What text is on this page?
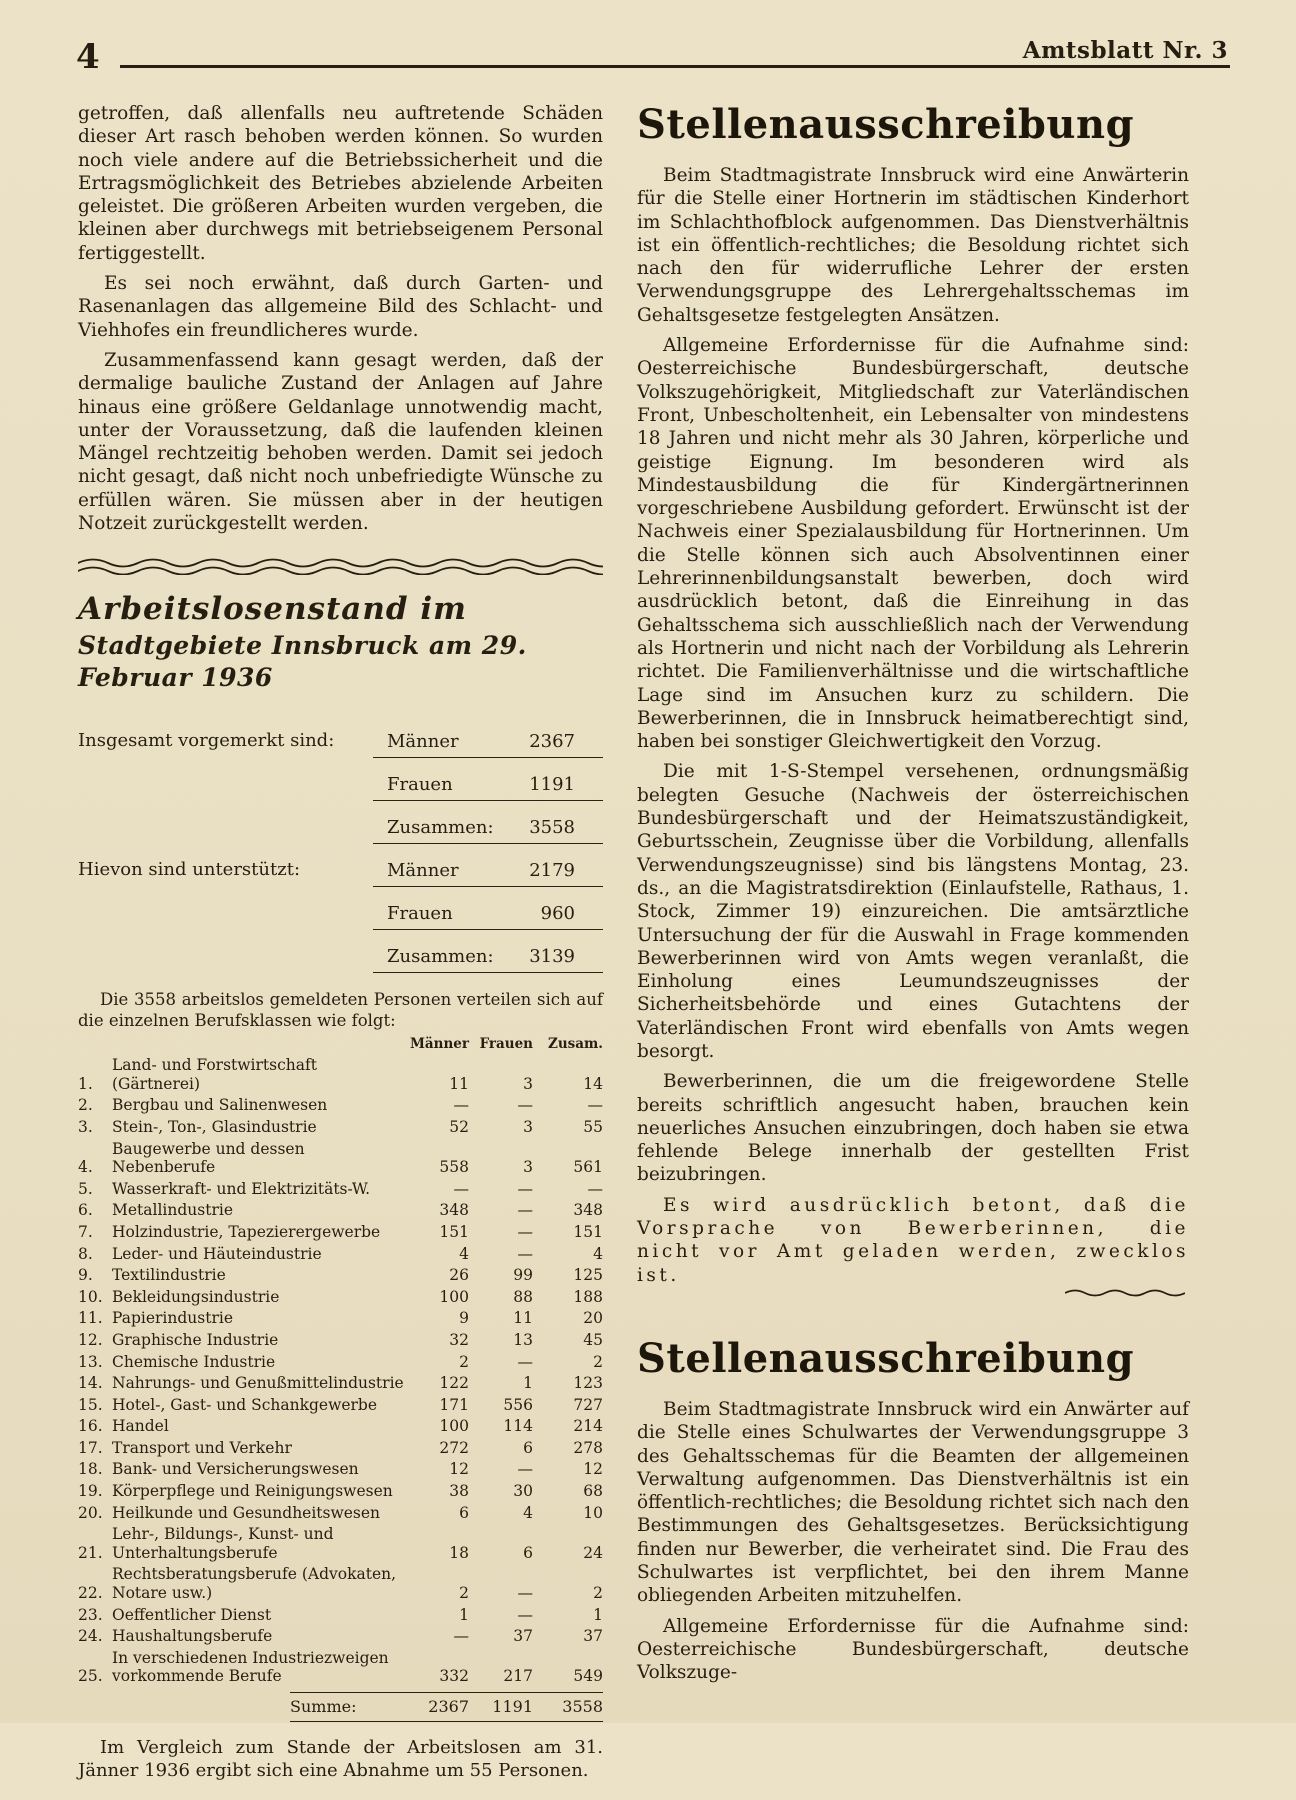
4	Amtsblatt Nr. 3

getroffen, daß allenfalls neu auftretende Schäden dieser Art rasch behoben werden können. So wurden noch viele andere auf die Betriebssicherheit und die Ertragsmöglichkeit des Betriebes abzielende Arbeiten geleistet. Die größeren Arbeiten wurden vergeben, die kleinen aber durchwegs mit betriebseigenem Personal fertiggestellt.

Es sei noch erwähnt, daß durch Garten- und Rasenanlagen das allgemeine Bild des Schlacht- und Viehhofes ein freundlicheres wurde.

Zusammenfassend kann gesagt werden, daß der dermalige bauliche Zustand der Anlagen auf Jahre hinaus eine größere Geldanlage unnotwendig macht, unter der Voraussetzung, daß die laufenden kleinen Mängel rechtzeitig behoben werden. Damit sei jedoch nicht gesagt, daß nicht noch unbefriedigte Wünsche zu erfüllen wären. Sie müssen aber in der heutigen Notzeit zurückgestellt werden.

Arbeitslosenstand im
Stadtgebiete Innsbruck am 29. Februar 1936
Insgesamt vorgemerkt sind:	Männer	2367
Frauen	1191
Zusammen:	3558
Hievon sind unterstützt:	Männer	2179
Frauen	960
Zusammen:	3139

Die 3558 arbeitslos gemeldeten Personen verteilen sich auf die einzelnen Berufsklassen wie folgt:

		Männer	Frauen	Zusam.
1.	Land- und Forstwirtschaft (Gärtnerei)	11	3	14
2.	Bergbau und Salinenwesen	—	—	—
3.	Stein-, Ton-, Glasindustrie	52	3	55
4.	Baugewerbe und dessen Nebenberufe	558	3	561
5.	Wasserkraft- und Elektrizitäts-W.	—	—	—
6.	Metallindustrie	348	—	348
7.	Holzindustrie, Tapezierergewerbe	151	—	151
8.	Leder- und Häuteindustrie	4	—	4
9.	Textilindustrie	26	99	125
10.	Bekleidungsindustrie	100	88	188
11.	Papierindustrie	9	11	20
12.	Graphische Industrie	32	13	45
13.	Chemische Industrie	2	—	2
14.	Nahrungs- und Genußmittelindustrie	122	1	123
15.	Hotel-, Gast- und Schankgewerbe	171	556	727
16.	Handel	100	114	214
17.	Transport und Verkehr	272	6	278
18.	Bank- und Versicherungswesen	12	—	12
19.	Körperpflege und Reinigungswesen	38	30	68
20.	Heilkunde und Gesundheitswesen	6	4	10
21.	Lehr-, Bildungs-, Kunst- und Unterhaltungsberufe	18	6	24
22.	Rechtsberatungsberufe (Advokaten, Notare usw.)	2	—	2
23.	Oeffentlicher Dienst	1	—	1
24.	Haushaltungsberufe	—	37	37
25.	In verschiedenen Industriezweigen vorkommende Berufe	332	217	549
Summe:	2367	1191	3558

Im Vergleich zum Stande der Arbeitslosen am 31. Jänner 1936 ergibt sich eine Abnahme um 55 Personen.

Stellenausschreibung

Beim Stadtmagistrate Innsbruck wird eine Anwärterin für die Stelle einer Hortnerin im städtischen Kinderhort im Schlachthofblock aufgenommen. Das Dienstverhältnis ist ein öffentlich-rechtliches; die Besoldung richtet sich nach den für widerrufliche Lehrer der ersten Verwendungsgruppe des Lehrergehaltsschemas im Gehaltsgesetze festgelegten Ansätzen.

Allgemeine Erfordernisse für die Aufnahme sind: Oesterreichische Bundesbürgerschaft, deutsche Volkszugehörigkeit, Mitgliedschaft zur Vaterländischen Front, Unbescholtenheit, ein Lebensalter von mindestens 18 Jahren und nicht mehr als 30 Jahren, körperliche und geistige Eignung. Im besonderen wird als Mindestausbildung die für Kindergärtnerinnen vorgeschriebene Ausbildung gefordert. Erwünscht ist der Nachweis einer Spezialausbildung für Hortnerinnen. Um die Stelle können sich auch Absolventinnen einer Lehrerinnenbildungsanstalt bewerben, doch wird ausdrücklich betont, daß die Einreihung in das Gehaltsschema sich ausschließlich nach der Verwendung als Hortnerin und nicht nach der Vorbildung als Lehrerin richtet. Die Familienverhältnisse und die wirtschaftliche Lage sind im Ansuchen kurz zu schildern. Die Bewerberinnen, die in Innsbruck heimatberechtigt sind, haben bei sonstiger Gleichwertigkeit den Vorzug.

Die mit 1-S-Stempel versehenen, ordnungsmäßig belegten Gesuche (Nachweis der österreichischen Bundesbürgerschaft und der Heimatszuständigkeit, Geburtsschein, Zeugnisse über die Vorbildung, allenfalls Verwendungszeugnisse) sind bis längstens Montag, 23. ds., an die Magistratsdirektion (Einlaufstelle, Rathaus, 1. Stock, Zimmer 19) einzureichen. Die amtsärztliche Untersuchung der für die Auswahl in Frage kommenden Bewerberinnen wird von Amts wegen veranlaßt, die Einholung eines Leumundszeugnisses der Sicherheitsbehörde und eines Gutachtens der Vaterländischen Front wird ebenfalls von Amts wegen besorgt.

Bewerberinnen, die um die freigewordene Stelle bereits schriftlich angesucht haben, brauchen kein neuerliches Ansuchen einzubringen, doch haben sie etwa fehlende Belege innerhalb der gestellten Frist beizubringen.

Es wird ausdrücklich betont, daß die Vorsprache von Bewerberinnen, die nicht vor Amt geladen werden, zwecklos ist.

Stellenausschreibung

Beim Stadtmagistrate Innsbruck wird ein Anwärter auf die Stelle eines Schulwartes der Verwendungsgruppe 3 des Gehaltsschemas für die Beamten der allgemeinen Verwaltung aufgenommen. Das Dienstverhältnis ist ein öffentlich-rechtliches; die Besoldung richtet sich nach den Bestimmungen des Gehaltsgesetzes. Berücksichtigung finden nur Bewerber, die verheiratet sind. Die Frau des Schulwartes ist verpflichtet, bei den ihrem Manne obliegenden Arbeiten mitzuhelfen.

Allgemeine Erfordernisse für die Aufnahme sind: Oesterreichische Bundesbürgerschaft, deutsche Volkszuge-
